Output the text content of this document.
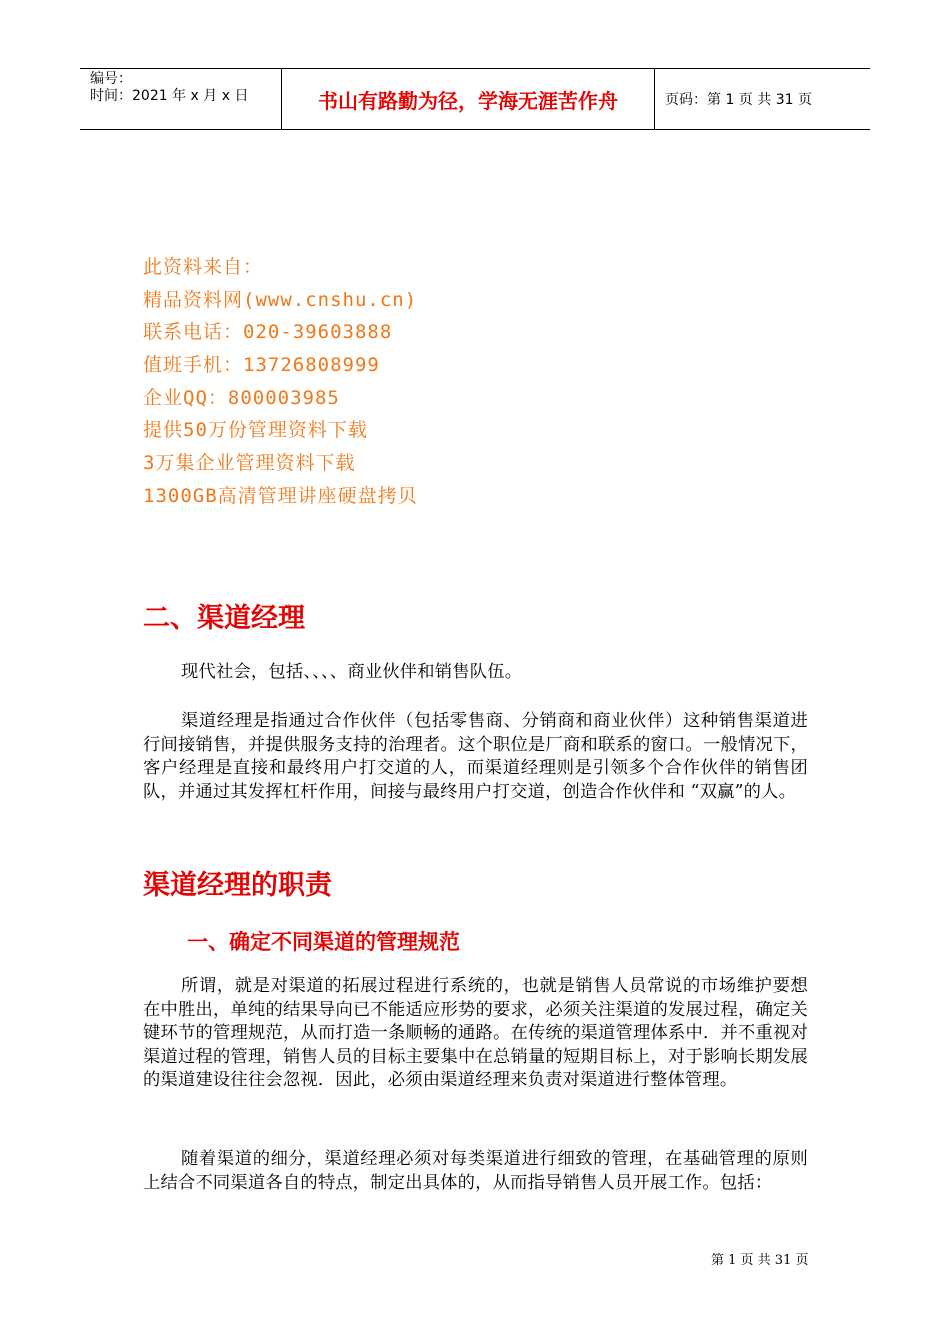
编号：
时间：2021 年 x 月 x 日	书山有路勤为径，学海无涯苦作舟	页码：第 1 页 共 31 页
此资料来自：
精品资料网(www.cnshu.cn)
联系电话：020-39603888
值班手机：13726808999
企业QQ：800003985
提供50万份管理资料下载
3万集企业管理资料下载
1300GB高清管理讲座硬盘拷贝
二、渠道经理

现代社会，包括、、、、商业伙伴和销售队伍。

渠道经理是指通过合作伙伴（包括零售商、分销商和商业伙伴）这种销售渠道进行间接销售，并提供服务支持的治理者。这个职位是厂商和联系的窗口。一般情况下，客户经理是直接和最终用户打交道的人，而渠道经理则是引领多个合作伙伴的销售团队，并通过其发挥杠杆作用，间接与最终用户打交道，创造合作伙伴和 “双赢”的人。

渠道经理的职责
一、确定不同渠道的管理规范

所谓，就是对渠道的拓展过程进行系统的，也就是销售人员常说的市场维护要想在中胜出，单纯的结果导向已不能适应形势的要求，必须关注渠道的发展过程，确定关键环节的管理规范，从而打造一条顺畅的通路。在传统的渠道管理体系中．并不重视对渠道过程的管理，销售人员的目标主要集中在总销量的短期目标上，对于影响长期发展的渠道建设往往会忽视．因此，必须由渠道经理来负责对渠道进行整体管理。

随着渠道的细分，渠道经理必须对每类渠道进行细致的管理，在基础管理的原则上结合不同渠道各自的特点，制定出具体的，从而指导销售人员开展工作。包括：

第 1 页 共 31 页
